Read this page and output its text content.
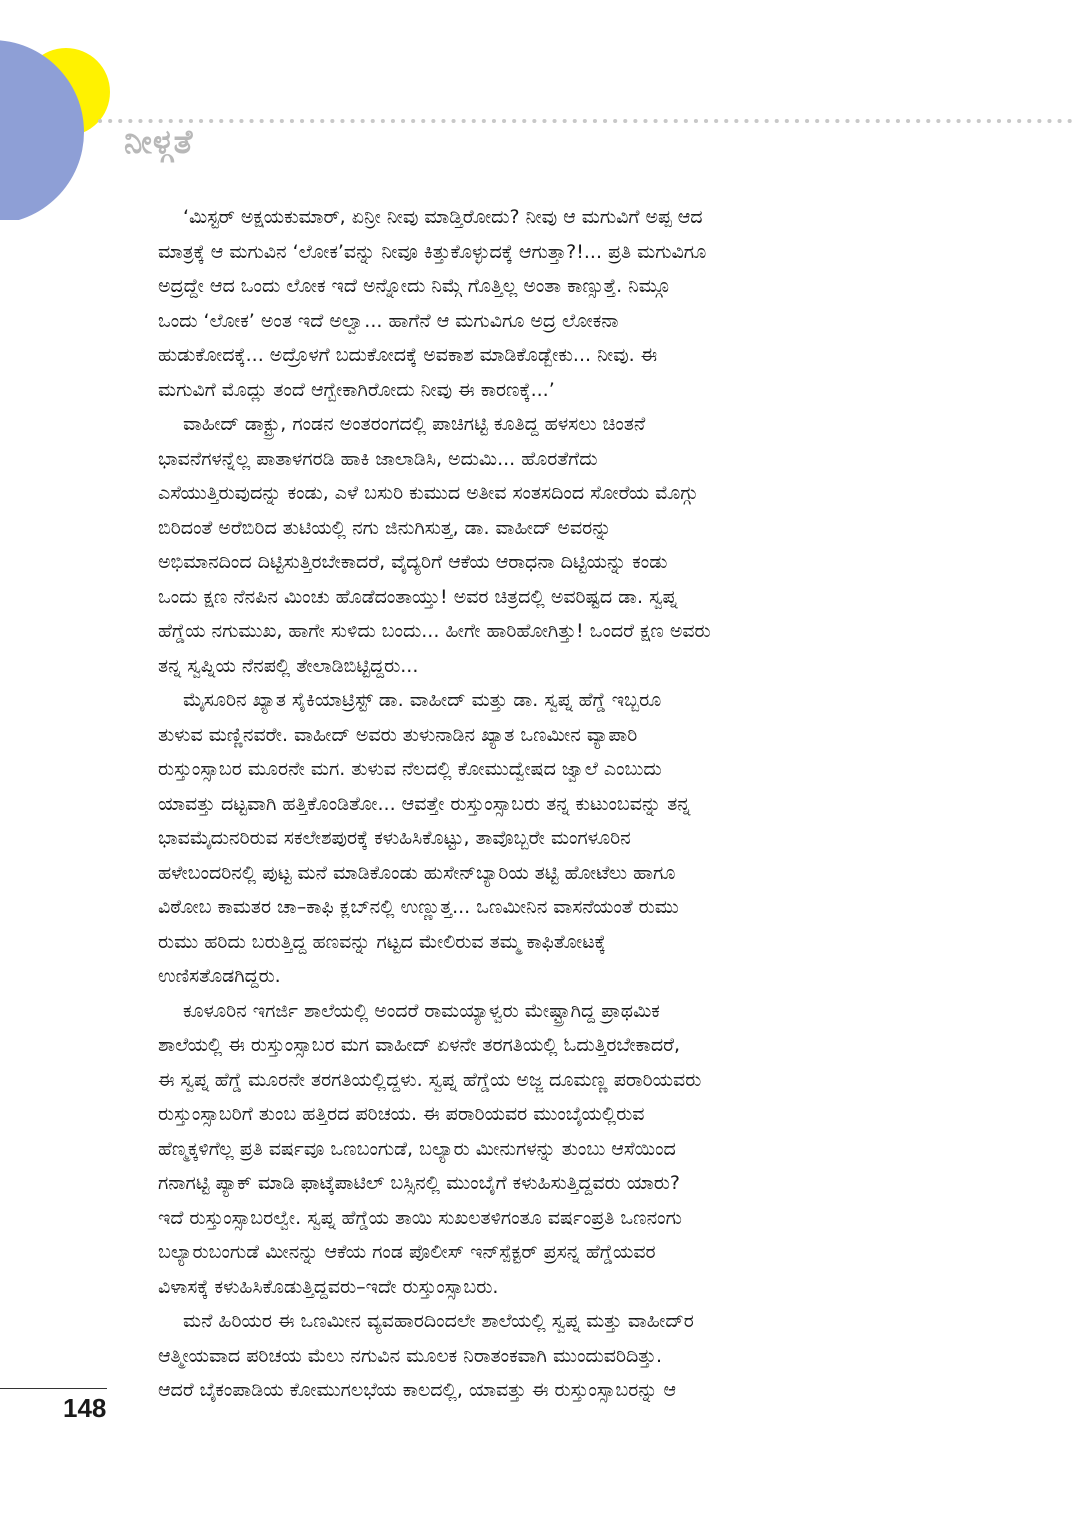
ನೀಳ್ಗತೆ
‘ಮಿಸ್ಟರ್ ಅಕ್ಷಯಕುಮಾರ್, ಏನ್ರೀ ನೀವು ಮಾಡ್ತಿರೋದು? ನೀವು ಆ ಮಗುವಿಗೆ ಅಪ್ಪ ಆದ
ಮಾತ್ರಕ್ಕೆ ಆ ಮಗುವಿನ ‘ಲೋಕ’ವನ್ನು ನೀವೂ ಕಿತ್ತುಕೊಳ್ಳುದಕ್ಕೆ ಆಗುತ್ತಾ?!... ಪ್ರತಿ ಮಗುವಿಗೂ
ಅದ್ರದ್ದೇ ಆದ ಒಂದು ಲೋಕ ಇದೆ ಅನ್ನೋದು ನಿಮ್ಗೆ ಗೊತ್ತಿಲ್ಲ ಅಂತಾ ಕಾಣ್ಸುತ್ತೆ. ನಿಮ್ಗೂ
ಒಂದು ‘ಲೋಕ’ ಅಂತ ಇದೆ ಅಲ್ವಾ... ಹಾಗೆನೆ ಆ ಮಗುವಿಗೂ ಅದ್ರ ಲೋಕನಾ
ಹುಡುಕೋದಕ್ಕೆ... ಅದ್ರೊಳಗೆ ಬದುಕೋದಕ್ಕೆ ಅವಕಾಶ ಮಾಡಿಕೊಡ್ಬೇಕು... ನೀವು. ಈ
ಮಗುವಿಗೆ ಮೊದ್ಲು ತಂದೆ ಆಗ್ಬೇಕಾಗಿರೋದು ನೀವು ಈ ಕಾರಣಕ್ಕೆ...’
ವಾಹೀದ್ ಡಾಕ್ಟ್ರು, ಗಂಡನ ಅಂತರಂಗದಲ್ಲಿ ಪಾಚಿಗಟ್ಟಿ ಕೂತಿದ್ದ ಹಳಸಲು ಚಿಂತನೆ
ಭಾವನೆಗಳನ್ನೆಲ್ಲ ಪಾತಾಳಗರಡಿ ಹಾಕಿ ಜಾಲಾಡಿಸಿ, ಅದುಮಿ... ಹೊರತೆಗೆದು
ಎಸೆಯುತ್ತಿರುವುದನ್ನು ಕಂಡು, ಎಳೆ ಬಸುರಿ ಕುಮುದ ಅತೀವ ಸಂತಸದಿಂದ ಸೋರೆಯ ಮೊಗ್ಗು
ಬಿರಿದಂತೆ ಅರೆಬಿರಿದ ತುಟಿಯಲ್ಲಿ ನಗು ಜಿನುಗಿಸುತ್ತ, ಡಾ. ವಾಹೀದ್ ಅವರನ್ನು
ಅಭಿಮಾನದಿಂದ ದಿಟ್ಟಿಸುತ್ತಿರಬೇಕಾದರೆ, ವೈದ್ಯರಿಗೆ ಆಕೆಯ ಆರಾಧನಾ ದಿಟ್ಟಿಯನ್ನು ಕಂಡು
ಒಂದು ಕ್ಷಣ ನೆನಪಿನ ಮಿಂಚು ಹೊಡೆದಂತಾಯ್ತು! ಅವರ ಚಿತ್ರದಲ್ಲಿ ಅವರಿಷ್ಟದ ಡಾ. ಸ್ವಪ್ನ
ಹೆಗ್ಡೆಯ ನಗುಮುಖ, ಹಾಗೇ ಸುಳಿದು ಬಂದು... ಹೀಗೇ ಹಾರಿಹೋಗಿತ್ತು! ಒಂದರೆ ಕ್ಷಣ ಅವರು
ತನ್ನ ಸ್ವಪ್ನಿಯ ನೆನಪಲ್ಲಿ ತೇಲಾಡಿಬಿಟ್ಟಿದ್ದರು...
ಮೈಸೂರಿನ ಖ್ಯಾತ ಸೈಕಿಯಾಟ್ರಿಸ್ಟ್ ಡಾ. ವಾಹೀದ್ ಮತ್ತು ಡಾ. ಸ್ವಪ್ನ ಹೆಗ್ಡೆ ಇಬ್ಬರೂ
ತುಳುವ ಮಣ್ಣಿನವರೇ. ವಾಹೀದ್ ಅವರು ತುಳುನಾಡಿನ ಖ್ಯಾತ ಒಣಮೀನ ವ್ಯಾಪಾರಿ
ರುಸ್ತುಂಸ್ಸಾಬರ ಮೂರನೇ ಮಗ. ತುಳುವ ನೆಲದಲ್ಲಿ ಕೋಮುದ್ವೇಷದ ಜ್ವಾಲೆ ಎಂಬುದು
ಯಾವತ್ತು ದಟ್ಟವಾಗಿ ಹತ್ತಿಕೊಂಡಿತೋ... ಆವತ್ತೇ ರುಸ್ತುಂಸ್ಸಾಬರು ತನ್ನ ಕುಟುಂಬವನ್ನು ತನ್ನ
ಭಾವಮೈದುನರಿರುವ ಸಕಲೇಶಪುರಕ್ಕೆ ಕಳುಹಿಸಿಕೊಟ್ಟು, ತಾವೊಬ್ಬರೇ ಮಂಗಳೂರಿನ
ಹಳೇಬಂದರಿನಲ್ಲಿ ಪುಟ್ಟ ಮನೆ ಮಾಡಿಕೊಂಡು ಹುಸೇನ್‌ಬ್ಯಾರಿಯ ತಟ್ಟಿ ಹೋಟೆಲು ಹಾಗೂ
ವಿಠೋಬ ಕಾಮತರ ಚಾ–ಕಾಫಿ ಕ್ಲಬ್‌ನಲ್ಲಿ ಉಣ್ಣುತ್ತ... ಒಣಮೀನಿನ ವಾಸನೆಯಂತೆ ರುಮು
ರುಮು ಹರಿದು ಬರುತ್ತಿದ್ದ ಹಣವನ್ನು ಗಟ್ಟದ ಮೇಲಿರುವ ತಮ್ಮ ಕಾಫಿತೋಟಕ್ಕೆ
ಉಣಿಸತೊಡಗಿದ್ದರು.
ಕೂಳೂರಿನ ಇಗರ್ಜಿ ಶಾಲೆಯಲ್ಲಿ ಅಂದರೆ ರಾಮಯ್ಯಾಳ್ವರು ಮೇಷ್ಟ್ರಾಗಿದ್ದ ಪ್ರಾಥಮಿಕ
ಶಾಲೆಯಲ್ಲಿ ಈ ರುಸ್ತುಂಸ್ಸಾಬರ ಮಗ ವಾಹೀದ್ ಏಳನೇ ತರಗತಿಯಲ್ಲಿ ಓದುತ್ತಿರಬೇಕಾದರೆ,
ಈ ಸ್ವಪ್ನ ಹೆಗ್ಡೆ ಮೂರನೇ ತರಗತಿಯಲ್ಲಿದ್ದಳು. ಸ್ವಪ್ನ ಹೆಗ್ಡೆಯ ಅಜ್ಜ ದೂಮಣ್ಣ ಪರಾರಿಯವರು
ರುಸ್ತುಂಸ್ಸಾಬರಿಗೆ ತುಂಬ ಹತ್ತಿರದ ಪರಿಚಯ. ಈ ಪರಾರಿಯವರ ಮುಂಬೈಯಲ್ಲಿರುವ
ಹೆಣ್ಮಕ್ಕಳಿಗೆಲ್ಲ ಪ್ರತಿ ವರ್ಷವೂ ಒಣಬಂಗುಡೆ, ಬಲ್ಯಾರು ಮೀನುಗಳನ್ನು ತುಂಬು ಆಸೆಯಿಂದ
ಗನಾಗಟ್ಟಿ ಪ್ಯಾಕ್ ಮಾಡಿ ಫಾಟ್ಕೆಪಾಟಿಲ್ ಬಸ್ಸಿನಲ್ಲಿ ಮುಂಬೈಗೆ ಕಳುಹಿಸುತ್ತಿದ್ದವರು ಯಾರು?
ಇದೆ ರುಸ್ತುಂಸ್ಸಾಬರಲ್ವೇ. ಸ್ವಪ್ನ ಹೆಗ್ಡೆಯ ತಾಯಿ ಸುಖಲತಳಿಗಂತೂ ವರ್ಷಂಪ್ರತಿ ಒಣನಂಗು
ಬಲ್ಯಾರುಬಂಗುಡೆ ಮೀನನ್ನು ಆಕೆಯ ಗಂಡ ಪೊಲೀಸ್ ಇನ್‌ಸ್ಪೆಕ್ಟರ್ ಪ್ರಸನ್ನ ಹೆಗ್ಡೆಯವರ
ವಿಳಾಸಕ್ಕೆ ಕಳುಹಿಸಿಕೊಡುತ್ತಿದ್ದವರು–ಇದೇ ರುಸ್ತುಂಸ್ಸಾಬರು.
ಮನೆ ಹಿರಿಯರ ಈ ಒಣಮೀನ ವ್ಯವಹಾರದಿಂದಲೇ ಶಾಲೆಯಲ್ಲಿ ಸ್ವಪ್ನ ಮತ್ತು ವಾಹೀದ್‌ರ
ಆತ್ಮೀಯವಾದ ಪರಿಚಯ ಮೆಲು ನಗುವಿನ ಮೂಲಕ ನಿರಾತಂಕವಾಗಿ ಮುಂದುವರಿದಿತ್ತು.
ಆದರೆ ಬೈಕಂಪಾಡಿಯ ಕೋಮುಗಲಭೆಯ ಕಾಲದಲ್ಲಿ, ಯಾವತ್ತು ಈ ರುಸ್ತುಂಸ್ಸಾಬರನ್ನು ಆ
148
